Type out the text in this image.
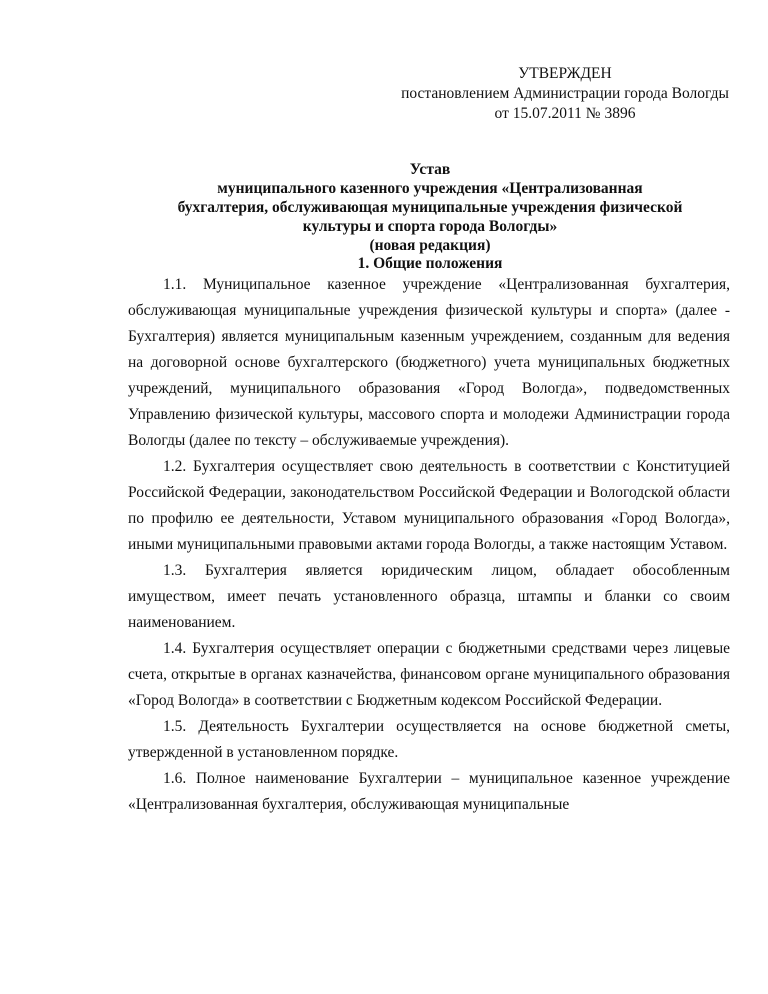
УТВЕРЖДЕН
постановлением Администрации города Вологды
от 15.07.2011 № 3896
Устав
муниципального казенного учреждения «Централизованная
бухгалтерия, обслуживающая муниципальные учреждения физической
культуры и спорта города Вологды»
(новая редакция)
1. Общие положения

1.1. Муниципальное казенное учреждение «Централизованная бухгалтерия, обслуживающая муниципальные учреждения физической культуры и спорта» (далее - Бухгалтерия) является муниципальным казенным учреждением, созданным для ведения на договорной основе бухгалтерского (бюджетного) учета муниципальных бюджетных учреждений, муниципального образования «Город Вологда», подведомственных Управлению физической культуры, массового спорта и молодежи Администрации города Вологды (далее по тексту – обслуживаемые учреждения).

1.2. Бухгалтерия осуществляет свою деятельность в соответствии с Конституцией Российской Федерации, законодательством Российской Федерации и Вологодской области по профилю ее деятельности, Уставом муниципального образования «Город Вологда», иными муниципальными правовыми актами города Вологды, а также настоящим Уставом.

1.3. Бухгалтерия является юридическим лицом, обладает обособленным имуществом, имеет печать установленного образца, штампы и бланки со своим наименованием.

1.4. Бухгалтерия осуществляет операции с бюджетными средствами через лицевые счета, открытые в органах казначейства, финансовом органе муниципального образования «Город Вологда» в соответствии с Бюджетным кодексом Российской Федерации.

1.5. Деятельность Бухгалтерии осуществляется на основе бюджетной сметы, утвержденной в установленном порядке.

1.6. Полное наименование Бухгалтерии – муниципальное казенное учреждение «Централизованная бухгалтерия, обслуживающая муниципальные
